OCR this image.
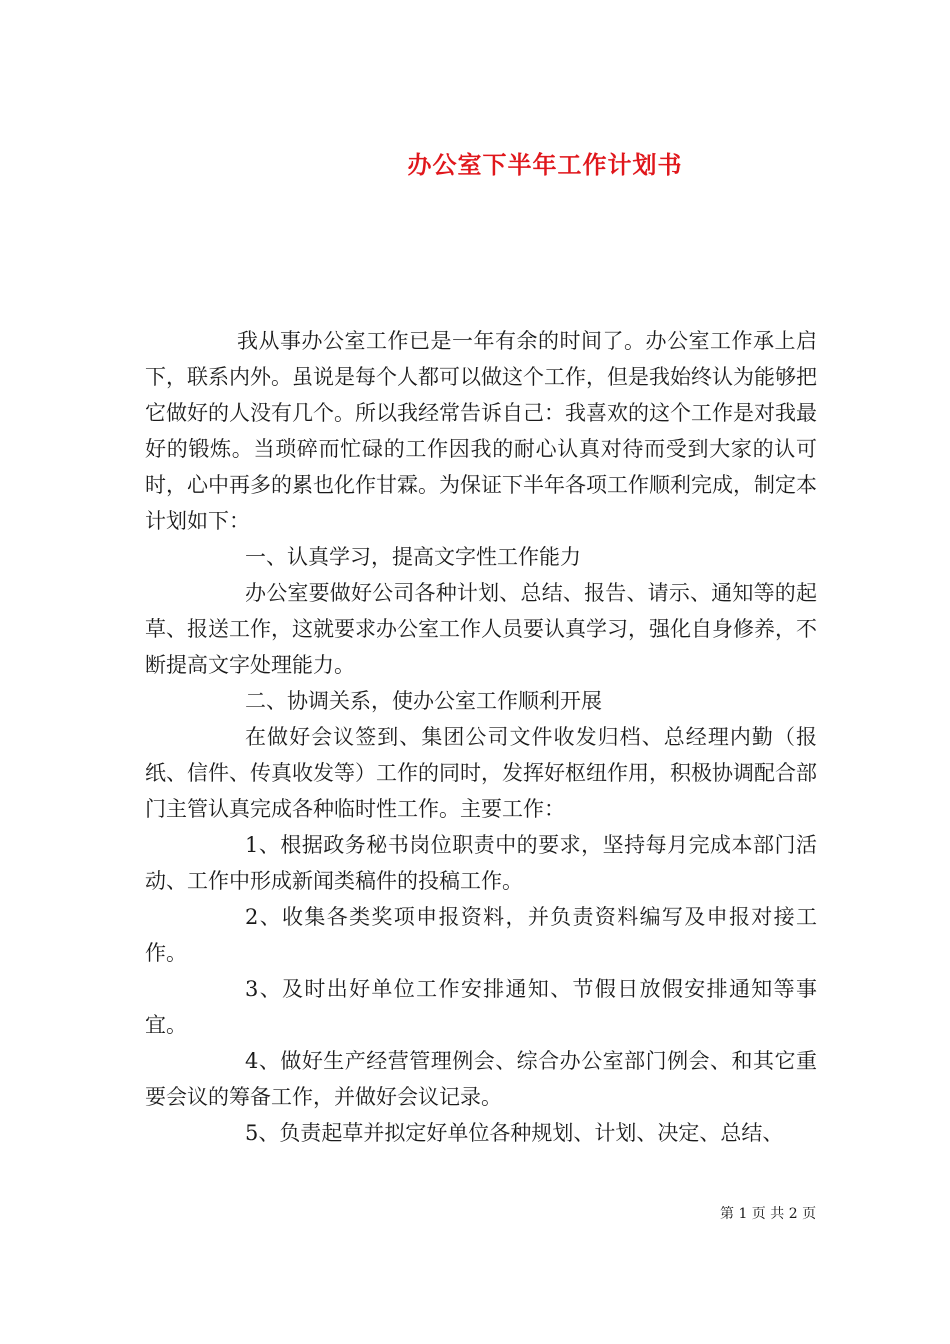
办公室下半年工作计划书

我从事办公室工作已是一年有余的时间了。办公室工作承上启下，联系内外。虽说是每个人都可以做这个工作，但是我始终认为能够把它做好的人没有几个。所以我经常告诉自己：我喜欢的这个工作是对我最好的锻炼。当琐碎而忙碌的工作因我的耐心认真对待而受到大家的认可时，心中再多的累也化作甘霖。为保证下半年各项工作顺利完成，制定本计划如下：

一、认真学习，提高文字性工作能力

办公室要做好公司各种计划、总结、报告、请示、通知等的起草、报送工作，这就要求办公室工作人员要认真学习，强化自身修养，不断提高文字处理能力。

二、协调关系，使办公室工作顺利开展

在做好会议签到、集团公司文件收发归档、总经理内勤（报纸、信件、传真收发等）工作的同时，发挥好枢纽作用，积极协调配合部门主管认真完成各种临时性工作。主要工作：

1、根据政务秘书岗位职责中的要求，坚持每月完成本部门活动、工作中形成新闻类稿件的投稿工作。

2、收集各类奖项申报资料，并负责资料编写及申报对接工作。

3、及时出好单位工作安排通知、节假日放假安排通知等事宜。

4、做好生产经营管理例会、综合办公室部门例会、和其它重要会议的筹备工作，并做好会议记录。

5、负责起草并拟定好单位各种规划、计划、决定、总结、

第 1 页 共 2 页
